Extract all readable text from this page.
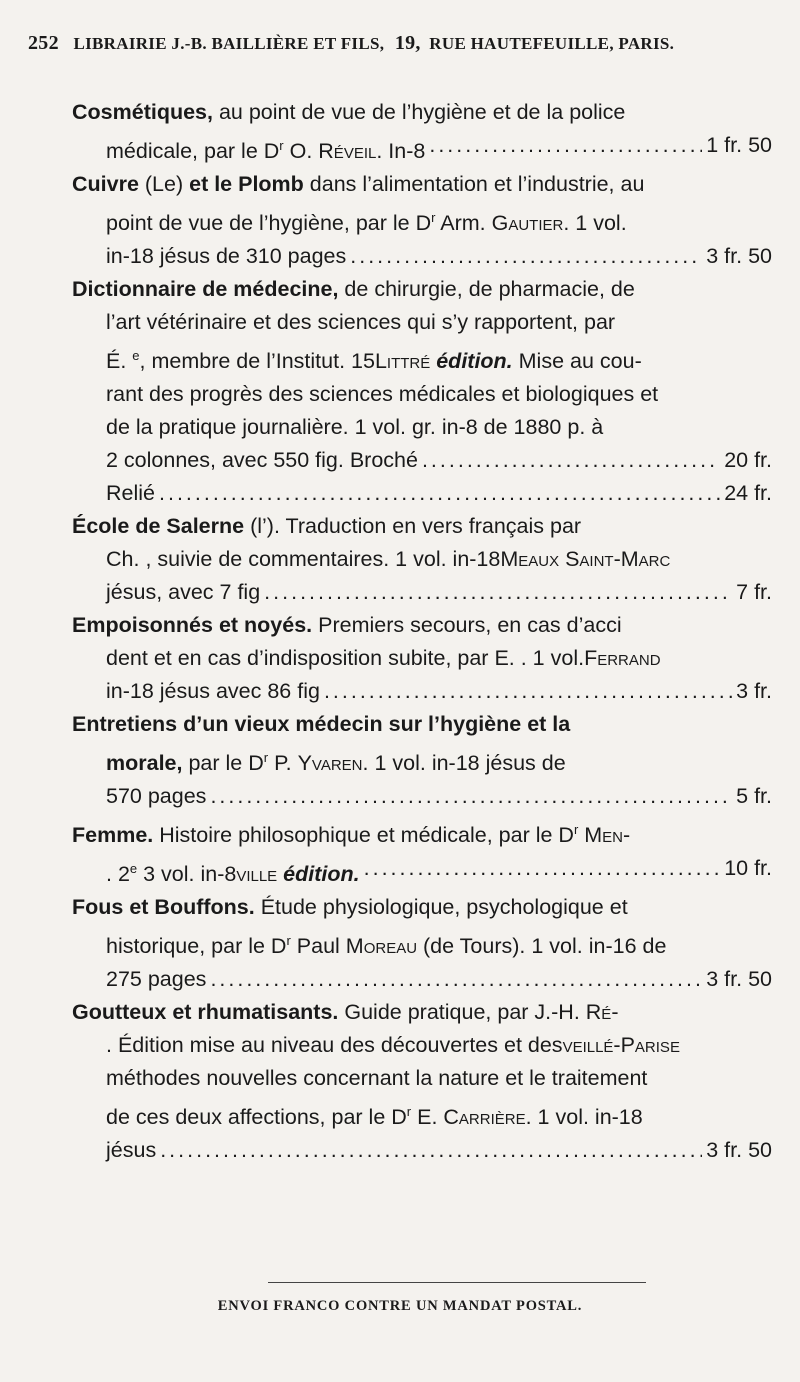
252 LIBRAIRIE J.-B. BAILLIÈRE ET FILS, 19, RUE HAUTEFEUILLE, PARIS.
Cosmétiques, au point de vue de l’hygiène et de la police
médicale, par le $D^r$ O. Réveil. In-8 .....	1 fr. 50
Cuivre (Le) et le Plomb dans l’alimentation et l’industrie, au
point de vue de l’hygiène, par le $D^r$ Arm. Gautier. 1 vol.
in-18 jésus de 310 pages .....	3 fr. 50
Dictionnaire de médecine, de chirurgie, de pharmacie, de
l’art vétérinaire et des sciences qui s’y rapportent, par
É. $^e$, membre de l’Institut. 15Littré édition. Mise au cou-
rant des progrès des sciences médicales et biologiques et
de la pratique journalière. 1 vol. gr. in-8 de 1880 p. à
2 colonnes, avec 550 fig. Broché .....	20 fr.
Relié .....	24 fr.
École de Salerne (l’). Traduction en vers français par
Ch. , suivie de commentaires. 1 vol. in-18Meaux Saint-Marc
jésus, avec 7 fig .....	7 fr.
Empoisonnés et noyés. Premiers secours, en cas d’acci
dent et en cas d’indisposition subite, par E. . 1 vol.Ferrand
in-18 jésus avec 86 fig .....	3 fr.
Entretiens d’un vieux médecin sur l’hygiène et la
morale, par le $D^r$ P. Yvaren. 1 vol. in-18 jésus de
570 pages .....	5 fr.
Femme. Histoire philosophique et médicale, par le $D^r$ Men-
. 2e 3 vol. in-8ville édition. .....	10 fr.
Fous et Bouffons. Étude physiologique, psychologique et
historique, par le $D^r$ Paul Moreau (de Tours). 1 vol. in-16 de
275 pages .....	3 fr. 50
Goutteux et rhumatisants. Guide pratique, par J.-H. Ré-
. Édition mise au niveau des découvertes et desveillé-Parise
méthodes nouvelles concernant la nature et le traitement
de ces deux affections, par le $D^r$ E. Carrière. 1 vol. in-18
jésus .....	3 fr. 50
ENVOI FRANCO CONTRE UN MANDAT POSTAL.
